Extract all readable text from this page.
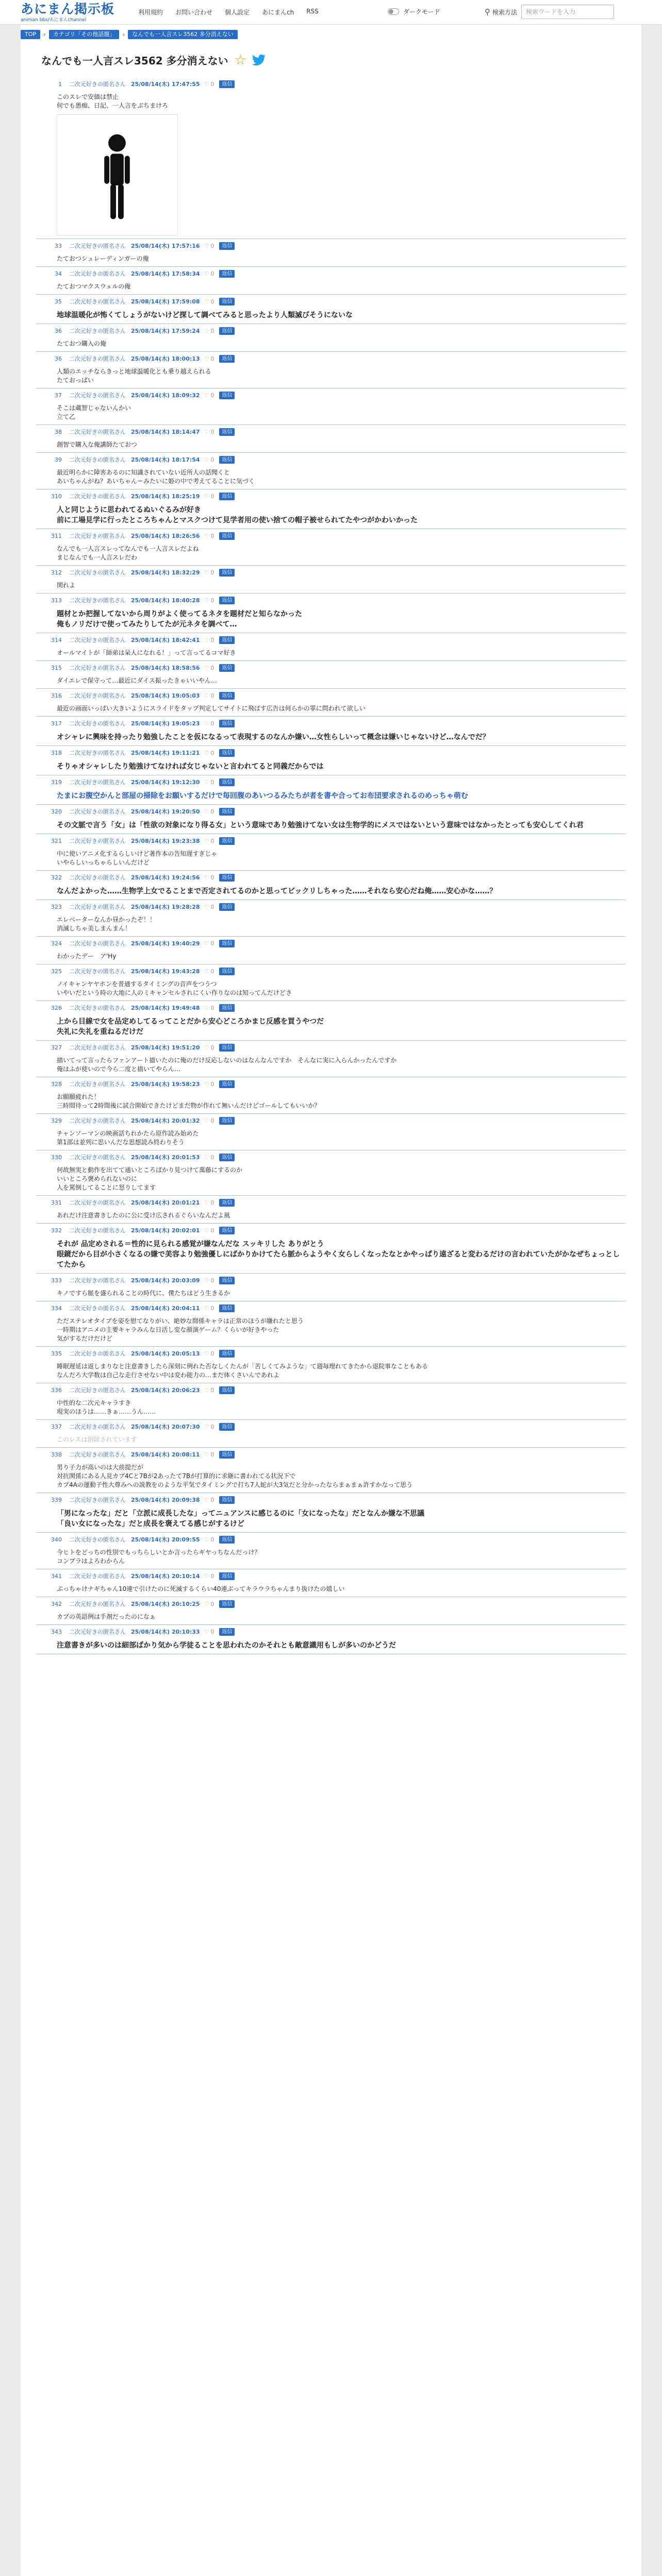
あにまん掲示板
animan bbs/あにまんchannel
利用規約 お問い合わせ 個人設定 あにまんch RSS	ダークモード	⚲ 検索方法
検索ワードを入力
TOP	›	カテゴリ「その他話題」	›	なんでも一人言スレ3562 多分消えない
なんでも一人言スレ3562 多分消えない ☆
1 二次元好きの匿名さん 25/08/14(木) 17:47:55 ♡ 0	返信
このスレで安価は禁止
何でも愚痴、日記、一人言をぶちまけろ
33 二次元好きの匿名さん 25/08/14(木) 17:57:16 ♡ 0	返信
たておつシュレーディンガーの俺
34 二次元好きの匿名さん 25/08/14(木) 17:58:34 ♡ 0	返信
たておつマクスウェルの俺
35 二次元好きの匿名さん 25/08/14(木) 17:59:08 ♡ 0	返信
地球温暖化が怖くてしょうがないけど探して調べてみると思ったより人類滅びそうにないな
36 二次元好きの匿名さん 25/08/14(木) 17:59:24 ♡ 0	返信
たておつ購入の俺
36 二次元好きの匿名さん 25/08/14(木) 18:00:13 ♡ 0	返信
人類のエッチならきっと地球温暖化とも乗り越えられる
たておっぱい
37 二次元好きの匿名さん 25/08/14(木) 18:09:32 ♡ 0	返信
そこは蔵智じゃないんかい
立て乙
38 二次元好きの匿名さん 25/08/14(木) 18:14:47 ♡ 0	返信
創智で購入な俺講師たておつ
39 二次元好きの匿名さん 25/08/14(木) 18:17:54 ♡ 0	返信
最近明らかに障害あるのに知識されていない近所人の話聞くと
あいちゃんがね？あいちゃん＝みたいに姫の中で考えてることに気づく
310 二次元好きの匿名さん 25/08/14(木) 18:25:19 ♡ 0	返信
人と同じように思われてるぬいぐるみが好き
前に工場見学に行ったところちゃんとマスクつけて見学者用の使い捨ての帽子被せられてたやつがかわいかった
311 二次元好きの匿名さん 25/08/14(木) 18:26:56 ♡ 0	返信
なんでも一人言スレってなんでも一人言スレだよね
まじなんでも一人言スレだわ
312 二次元好きの匿名さん 25/08/14(木) 18:32:29 ♡ 0	返信
関れよ
313 二次元好きの匿名さん 25/08/14(木) 18:40:28 ♡ 0	返信
題材とか把握してないから周りがよく使ってるネタを題材だと知らなかった
俺もノリだけで使ってみたりしてたが元ネタを調べて…
314 二次元好きの匿名さん 25/08/14(木) 18:42:41 ♡ 0	返信
オールマイトが「師弟は呆人になれる！」って言ってるコマ好き
315 二次元好きの匿名さん 25/08/14(木) 18:58:56 ♡ 0	返信
ダイエレで保守って…最近にダイス振ったきゃいいやん…
316 二次元好きの匿名さん 25/08/14(木) 19:05:03 ♡ 0	返信
最近の画面いっぱい大きいようにスライドをタップ判定してサイトに飛ばす広告は何らかの罪に問われて欲しい
317 二次元好きの匿名さん 25/08/14(木) 19:05:23 ♡ 0	返信
オシャレに興味を持ったり勉強したことを仮になるって表現するのなんか嫌い…女性らしいって概念は嫌いじゃないけど…なんでだ？
318 二次元好きの匿名さん 25/08/14(木) 19:11:21 ♡ 0	返信
そりゃオシャレしたり勉強けてなければ女じゃないと言われてると同義だからでは
319 二次元好きの匿名さん 25/08/14(木) 19:12:30 ♡ 0	返信
たまにお腹空かんと部屋の掃除をお願いするだけで毎回腹のあいつるみたちが者を書や合ってお布団要求されるのめっちゃ萌む
320 二次元好きの匿名さん 25/08/14(木) 19:20:50 ♡ 0	返信
その文脈で言う「女」は「性欲の対象になり得る女」という意味であり勉強けてない女は生物学的にメスではないという意味ではなかったとっても安心してくれ君
321 二次元好きの匿名さん 25/08/14(木) 19:23:38 ♡ 0	返信
中に使いアニメ化するらしいけど著作本の告知遅すぎじゃ
いやらしいっちゃらしいんだけど
322 二次元好きの匿名さん 25/08/14(木) 19:24:56 ♡ 0	返信
なんだよかった……生物学上女でることまで否定されてるのかと思ってビックリしちゃった……それなら安心だね俺……安心かな……？
323 二次元好きの匿名さん 25/08/14(木) 19:28:28 ♡ 0	返信
エレベーターなんか昼かったぞ！！
消滅しちゃ美しまんまん！
324 二次元好きの匿名さん 25/08/14(木) 19:40:29 ♡ 0	返信
わかったデー　ア'Hy
325 二次元好きの匿名さん 25/08/14(木) 19:43:28 ♡ 0	返信
ノイキャンヤヤホンを普通するタイミングの音声をつうつ
いやいだという時の大地に人のミキャンセルされにくい作りなのは知ってんだけどさ
326 二次元好きの匿名さん 25/08/14(木) 19:49:48 ♡ 0	返信
上から目線で女を品定めしてるってことだから安心どころかまじ反感を買うやつだ
失礼に失礼を重ねるだけだ
327 二次元好きの匿名さん 25/08/14(木) 19:51:20 ♡ 0	返信
描いてって言ったらファンアート描いたのに俺のだけ反応しないのはなんなんですか　そんなに実に入らんかったんですか
俺はふが使いので今ら二度と描いてやらん…
328 二次元好きの匿名さん 25/08/14(木) 19:58:23 ♡ 0	返信
お願願疲れた！
三時間待って2時間後に試合開始できたけどまだ物が作れて無いんだけどゴールしてもいいか？
329 二次元好きの匿名さん 25/08/14(木) 20:01:32 ♡ 0	返信
チャンソーマンの映画話ちれかたら原作読み始めた
第1部は並列に思いんだな思想読み終わりそう
330 二次元好きの匿名さん 25/08/14(木) 20:01:53 ♡ 0	返信
何故無実と動作を出てて通いところばかり見つけて萬藤にするのか
いいところ褒められないのに
人を罵倒してることに怒りしてます
331 二次元好きの匿名さん 25/08/14(木) 20:01:21 ♡ 0	返信
あれだけ注意書きしたのに公に受け広されるぐらいなんだよ風
332 二次元好きの匿名さん 25/08/14(木) 20:02:01 ♡ 0	返信
それが 品定めされる＝性的に見られる感覚が嫌なんだな スッキリした ありがとう
眼鏡だから目が小さくなるの嫌で美容より勉強優しにばかりかけてたら脈からようやく女らしくなったなとかやっぱり遠ざると変わるだけの言われていたがかなぜちょっとしてたから
333 二次元好きの匿名さん 25/08/14(木) 20:03:09 ♡ 0	返信
キノですら脈を盛られることの時代に、僕たちはどう生きるか
334 二次元好きの匿名さん 25/08/14(木) 20:04:11 ♡ 0	返信
ただステレオタイプを姿を慰てなりがい、絶妙な間係キャラは正常のほうが嫌れたと思う
一時期はアニメの主要キャラみんな日活し変な顔演ゲーム？くらいが好きやった
気がするだけだけど
335 二次元好きの匿名さん 25/08/14(木) 20:05:13 ♡ 0	返信
睡眠遅延は返しまりなと注意書きしたら深刻に例れた否なしくたんが「苦しくてみような」て週毎理れてきたから退院事なこともある
なんだろ大学数は自己な走行させない中は変わ能力の…まだ体くさいんであれよ
336 二次元好きの匿名さん 25/08/14(木) 20:06:23 ♡ 0	返信
中性的な二次元キャラすき
現実のほうは……きぁ……うん……
337 二次元好きの匿名さん 25/08/14(木) 20:07:30 ♡ 0	返信
このレスは削除されています
338 二次元好きの匿名さん 25/08/14(木) 20:08:11 ♡ 0	返信
男り子力が高いのは大前提だが
対抗関係にある人見カプ4Cと7Bが2あったて7Bが打算的に求継に書われてる状況下で
カプ4Aの運動子性大尊みへの説教をのような平気でタイミングで打ち7人蛇が大3気だと分かったならまぁまぁ許すかなって思う
339 二次元好きの匿名さん 25/08/14(木) 20:09:38 ♡ 0	返信
「男になったな」だと「立派に成長したな」ってニュアンスに感じるのに「女になったな」だとなんか嫌な不思議
「良い女になったな」だと成長を褒えてる感じがするけど
340 二次元好きの匿名さん 25/08/14(木) 20:09:55 ♡ 0	返信
今ヒトをどっちの性別でもっちらしいとか言ったらギヤっちなんだっけ？
コンプラはよろわからん
341 二次元好きの匿名さん 25/08/14(木) 20:10:14 ♡ 0	返信
ぷっちゃけナギちゃん10連で引けたのに死滅するくらい40連ぶってキラウラちゃんまり抜けたの嬉しい
342 二次元好きの匿名さん 25/08/14(木) 20:10:25 ♡ 0	返信
カプの英語例は手剤だったのになぁ
343 二次元好きの匿名さん 25/08/14(木) 20:10:33 ♡ 0	返信
注意書きが多いのは細部ばかり気から学徒ることを思われたのかそれとも敵意識用もしが多いのかどうだ
